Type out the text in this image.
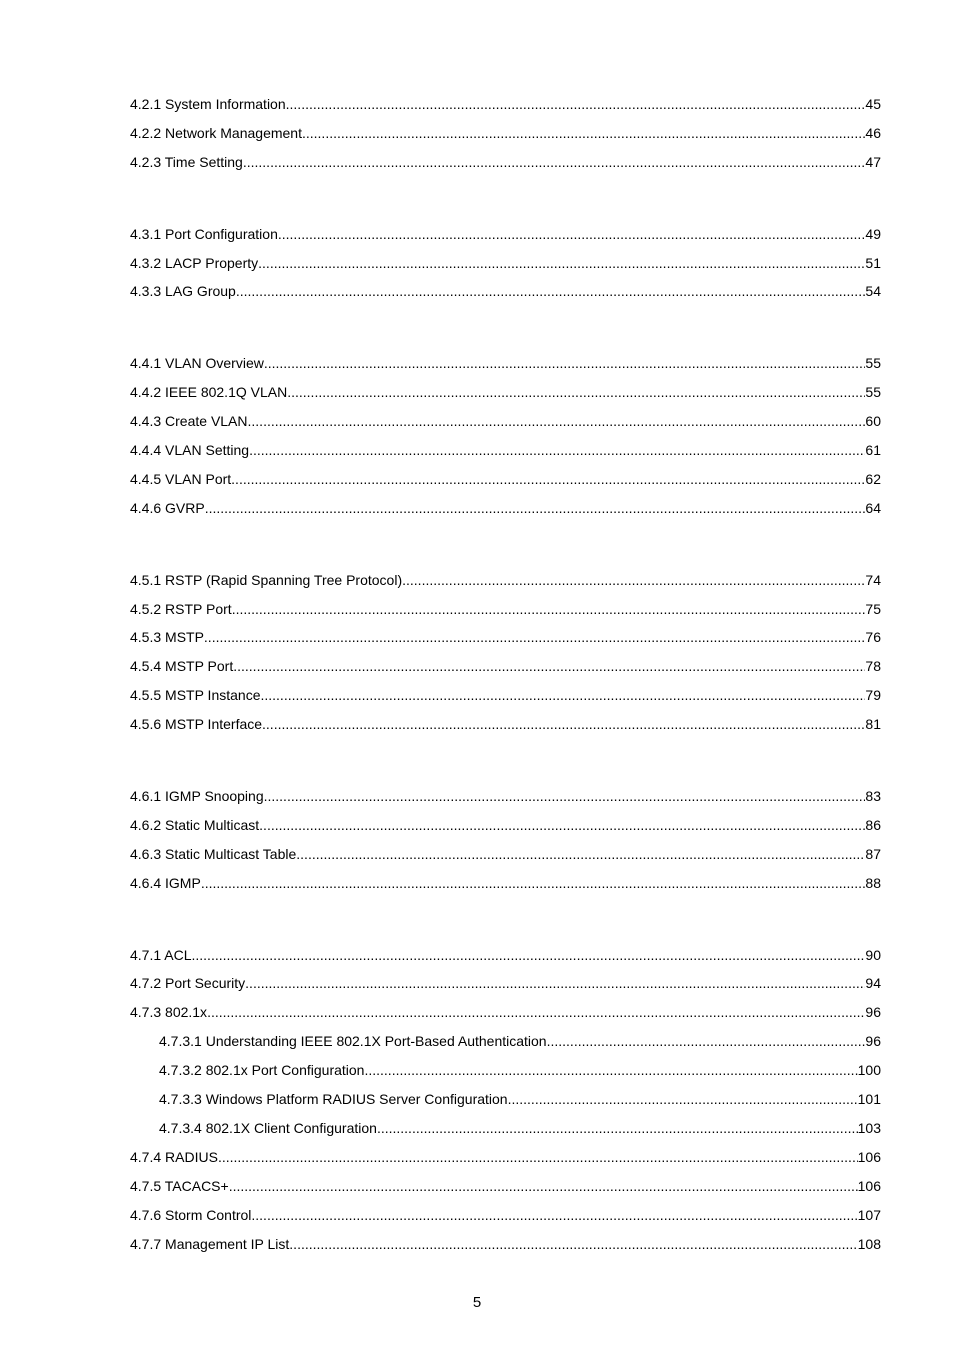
4.2.1 System Information .....	45
4.2.2 Network Management .....	46
4.2.3 Time Setting .....	47
4.3.1 Port Configuration .....	49
4.3.2 LACP Property .....	51
4.3.3 LAG Group .....	54
4.4.1 VLAN Overview .....	55
4.4.2 IEEE 802.1Q VLAN .....	55
4.4.3 Create VLAN .....	60
4.4.4 VLAN Setting .....	61
4.4.5 VLAN Port .....	62
4.4.6 GVRP .....	64
4.5.1 RSTP (Rapid Spanning Tree Protocol) .....	74
4.5.2 RSTP Port .....	75
4.5.3 MSTP .....	76
4.5.4 MSTP Port .....	78
4.5.5 MSTP Instance .....	79
4.5.6 MSTP Interface .....	81
4.6.1 IGMP Snooping .....	83
4.6.2 Static Multicast .....	86
4.6.3 Static Multicast Table .....	87
4.6.4 IGMP .....	88
4.7.1 ACL .....	90
4.7.2 Port Security .....	94
4.7.3 802.1x .....	96
4.7.3.1 Understanding IEEE 802.1X Port-Based Authentication .....	96
4.7.3.2 802.1x Port Configuration .....	100
4.7.3.3 Windows Platform RADIUS Server Configuration .....	101
4.7.3.4 802.1X Client Configuration .....	103
4.7.4 RADIUS .....	106
4.7.5 TACACS+ .....	106
4.7.6 Storm Control .....	107
4.7.7 Management IP List .....	108
5
